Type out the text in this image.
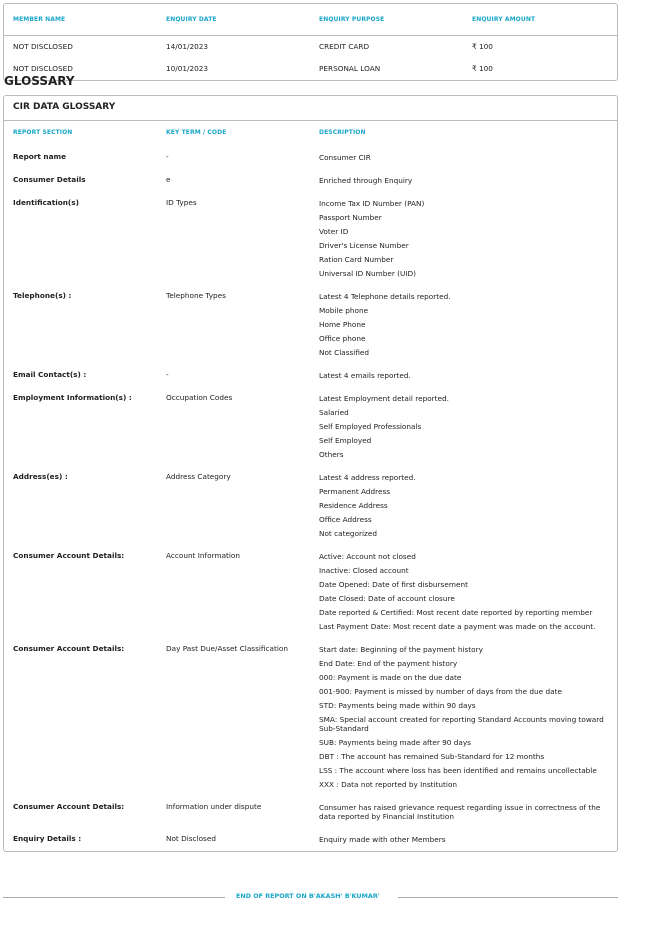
MEMBER NAME	ENQUIRY DATE	ENQUIRY PURPOSE	ENQUIRY AMOUNT
NOT DISCLOSED	14/01/2023	CREDIT CARD	₹ 100
NOT DISCLOSED	10/01/2023	PERSONAL LOAN	₹ 100
GLOSSARY
CIR DATA GLOSSARY
REPORT SECTION	KEY TERM / CODE	DESCRIPTION
Report name	-	Consumer CIR
Consumer Details	e	Enriched through Enquiry
Identification(s)	ID Types	Income Tax ID Number (PAN)
Passport Number
Voter ID
Driver's License Number
Ration Card Number
Universal ID Number (UID)
Telephone(s) :	Telephone Types	Latest 4 Telephone details reported.
Mobile phone
Home Phone
Office phone
Not Classified
Email Contact(s) :	-	Latest 4 emails reported.
Employment Information(s) :	Occupation Codes	Latest Employment detail reported.
Salaried
Self Employed Professionals
Self Employed
Others
Address(es) :	Address Category	Latest 4 address reported.
Permanent Address
Residence Address
Office Address
Not categorized
Consumer Account Details:	Account Information	Active: Account not closed
Inactive: Closed account
Date Opened: Date of first disbursement
Date Closed: Date of account closure
Date reported & Certified: Most recent date reported by reporting member
Last Payment Date: Most recent date a payment was made on the account.
Consumer Account Details:	Day Past Due/Asset Classification	Start date: Beginning of the payment history
End Date: End of the payment history
000: Payment is made on the due date
001-900: Payment is missed by number of days from the due date
STD: Payments being made within 90 days
SMA: Special account created for reporting Standard Accounts moving toward Sub-Standard
SUB: Payments being made after 90 days
DBT : The account has remained Sub-Standard for 12 months
LSS : The account where loss has been identified and remains uncollectable
XXX : Data not reported by Institution
Consumer Account Details:	Information under dispute	Consumer has raised grievance request regarding issue in correctness of the data reported by Financial Institution
Enquiry Details :	Not Disclosed	Enquiry made with other Members
END OF REPORT ON B'AKASH' B'KUMAR'
